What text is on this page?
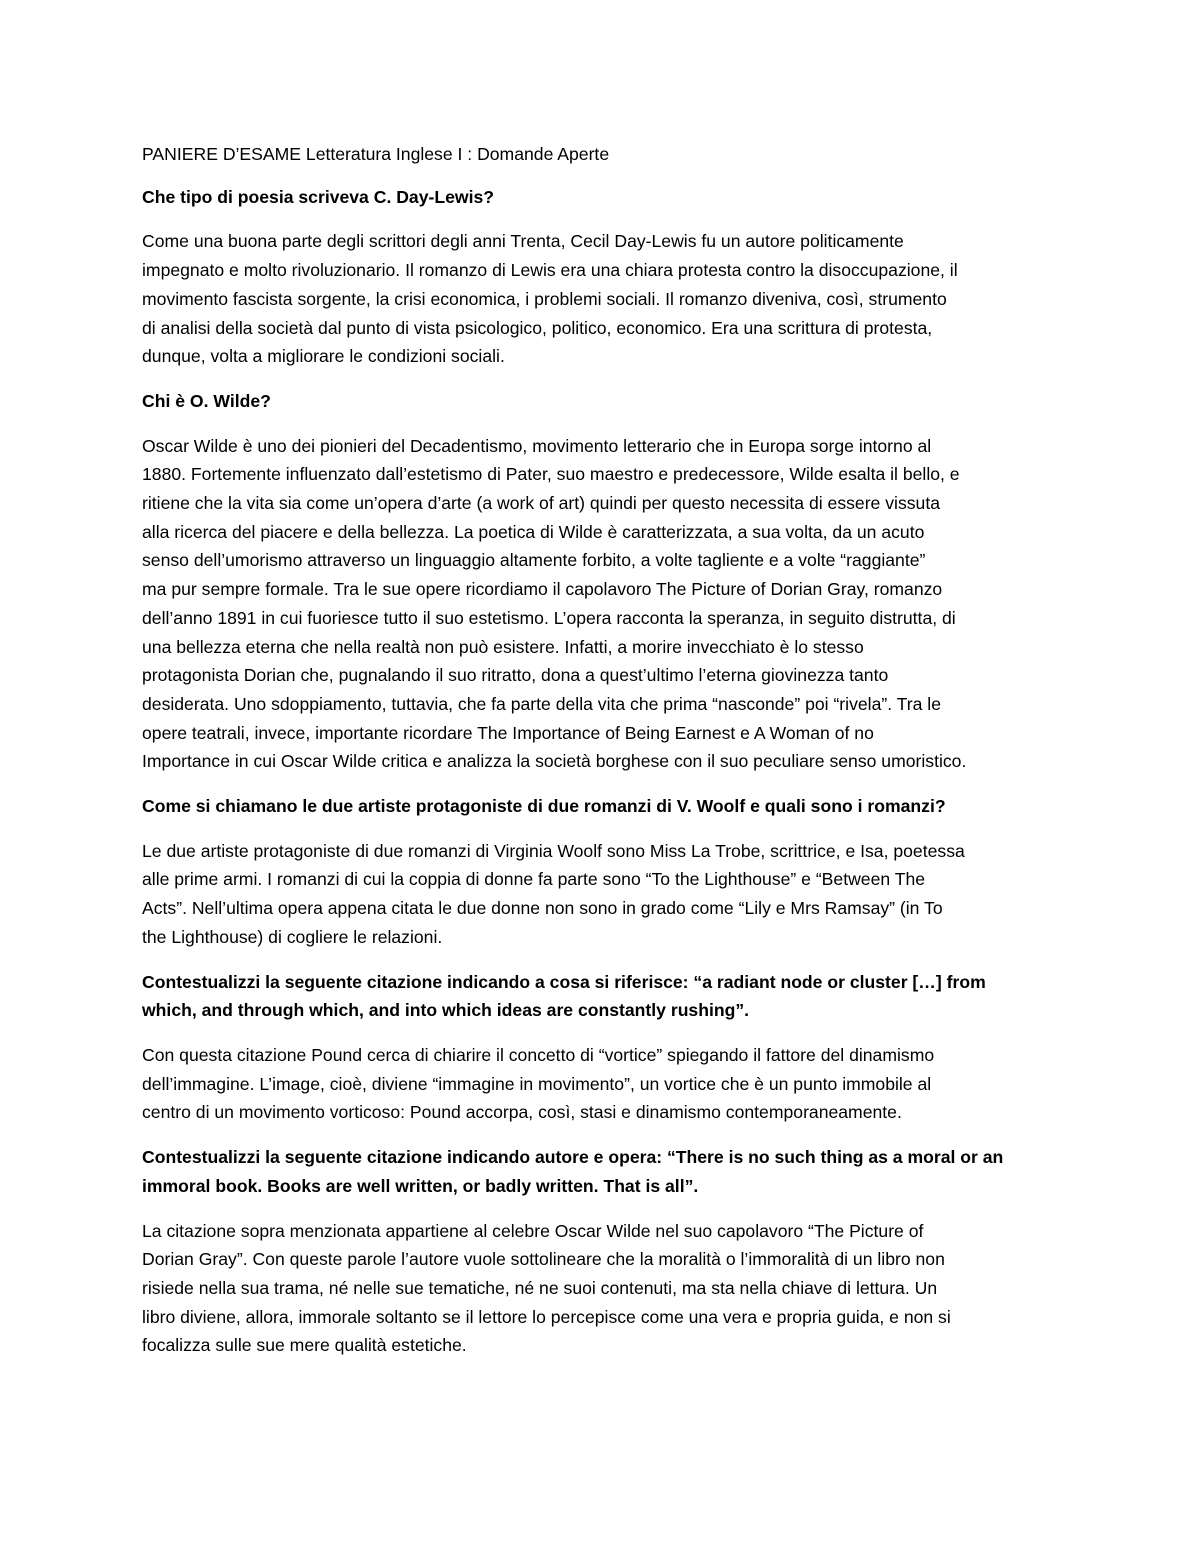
PANIERE D’ESAME Letteratura Inglese I : Domande Aperte
Che tipo di poesia scriveva C. Day-Lewis?
Come una buona parte degli scrittori degli anni Trenta, Cecil Day-Lewis fu un autore politicamente
impegnato e molto rivoluzionario. Il romanzo di Lewis era una chiara protesta contro la disoccupazione, il
movimento fascista sorgente, la crisi economica, i problemi sociali. Il romanzo diveniva, così, strumento
di analisi della società dal punto di vista psicologico, politico, economico. Era una scrittura di protesta,
dunque, volta a migliorare le condizioni sociali.
Chi è O. Wilde?
Oscar Wilde è uno dei pionieri del Decadentismo, movimento letterario che in Europa sorge intorno al
1880. Fortemente influenzato dall’estetismo di Pater, suo maestro e predecessore, Wilde esalta il bello, e
ritiene che la vita sia come un’opera d’arte (a work of art) quindi per questo necessita di essere vissuta
alla ricerca del piacere e della bellezza. La poetica di Wilde è caratterizzata, a sua volta, da un acuto
senso dell’umorismo attraverso un linguaggio altamente forbito, a volte tagliente e a volte “raggiante”
ma pur sempre formale. Tra le sue opere ricordiamo il capolavoro The Picture of Dorian Gray, romanzo
dell’anno 1891 in cui fuoriesce tutto il suo estetismo. L’opera racconta la speranza, in seguito distrutta, di
una bellezza eterna che nella realtà non può esistere. Infatti, a morire invecchiato è lo stesso
protagonista Dorian che, pugnalando il suo ritratto, dona a quest’ultimo l’eterna giovinezza tanto
desiderata. Uno sdoppiamento, tuttavia, che fa parte della vita che prima “nasconde” poi “rivela”. Tra le
opere teatrali, invece, importante ricordare The Importance of Being Earnest e A Woman of no
Importance in cui Oscar Wilde critica e analizza la società borghese con il suo peculiare senso umoristico.
Come si chiamano le due artiste protagoniste di due romanzi di V. Woolf e quali sono i romanzi?
Le due artiste protagoniste di due romanzi di Virginia Woolf sono Miss La Trobe, scrittrice, e Isa, poetessa
alle prime armi. I romanzi di cui la coppia di donne fa parte sono “To the Lighthouse” e “Between The
Acts”. Nell’ultima opera appena citata le due donne non sono in grado come “Lily e Mrs Ramsay” (in To
the Lighthouse) di cogliere le relazioni.
Contestualizzi la seguente citazione indicando a cosa si riferisce: “a radiant node or cluster […] from
which, and through which, and into which ideas are constantly rushing”.
Con questa citazione Pound cerca di chiarire il concetto di “vortice” spiegando il fattore del dinamismo
dell’immagine. L’image, cioè, diviene “immagine in movimento”, un vortice che è un punto immobile al
centro di un movimento vorticoso: Pound accorpa, così, stasi e dinamismo contemporaneamente.
Contestualizzi la seguente citazione indicando autore e opera: “There is no such thing as a moral or an
immoral book. Books are well written, or badly written. That is all”.
La citazione sopra menzionata appartiene al celebre Oscar Wilde nel suo capolavoro “The Picture of
Dorian Gray”. Con queste parole l’autore vuole sottolineare che la moralità o l’immoralità di un libro non
risiede nella sua trama, né nelle sue tematiche, né ne suoi contenuti, ma sta nella chiave di lettura. Un
libro diviene, allora, immorale soltanto se il lettore lo percepisce come una vera e propria guida, e non si
focalizza sulle sue mere qualità estetiche.
